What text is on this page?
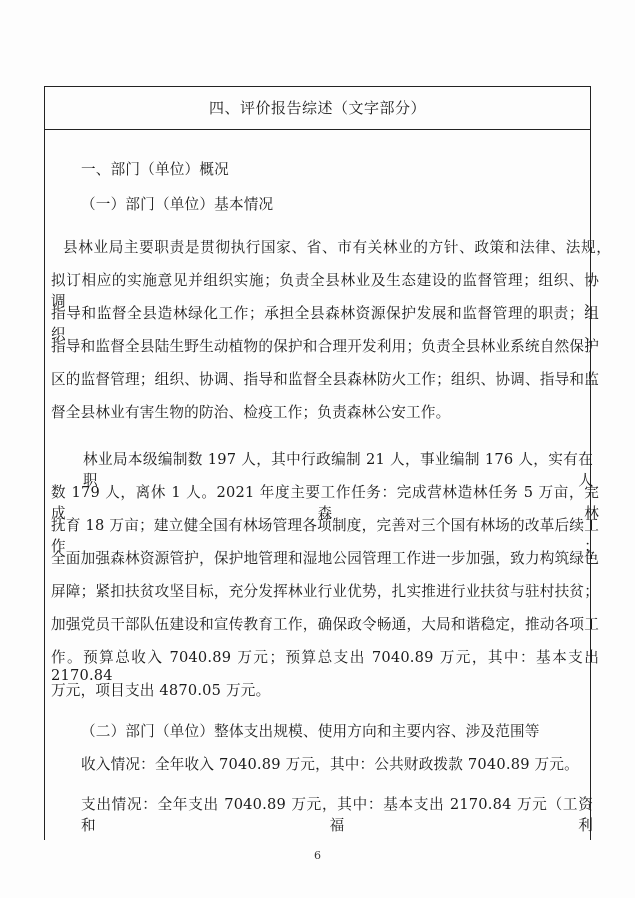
四、评价报告综述（文字部分）
一、部门（单位）概况
（一）部门（单位）基本情况
县林业局主要职责是贯彻执行国家、省、市有关林业的方针、政策和法律、法规，
拟订相应的实施意见并组织实施；负责全县林业及生态建设的监督管理；组织、协调、
指导和监督全县造林绿化工作；承担全县森林资源保护发展和监督管理的职责；组织、
指导和监督全县陆生野生动植物的保护和合理开发利用；负责全县林业系统自然保护
区的监督管理；组织、协调、指导和监督全县森林防火工作；组织、协调、指导和监
督全县林业有害生物的防治、检疫工作；负责森林公安工作。
林业局本级编制数 197 人，其中行政编制 21 人，事业编制 176 人，实有在职人
数 179 人，离休 1 人。2021 年度主要工作任务：完成营林造林任务 5 万亩，完成森林
抚育 18 万亩；建立健全国有林场管理各项制度，完善对三个国有林场的改革后续工作；
全面加强森林资源管护，保护地管理和湿地公园管理工作进一步加强，致力构筑绿色
屏障；紧扣扶贫攻坚目标，充分发挥林业行业优势，扎实推进行业扶贫与驻村扶贫；
加强党员干部队伍建设和宣传教育工作，确保政令畅通，大局和谐稳定，推动各项工
作。预算总收入 7040.89 万元；预算总支出 7040.89 万元，其中：基本支出 2170.84
万元，项目支出 4870.05 万元。
（二）部门（单位）整体支出规模、使用方向和主要内容、涉及范围等
收入情况：全年收入 7040.89 万元，其中：公共财政拨款 7040.89 万元。
支出情况：全年支出 7040.89 万元，其中：基本支出 2170.84 万元（工资和福利
6
